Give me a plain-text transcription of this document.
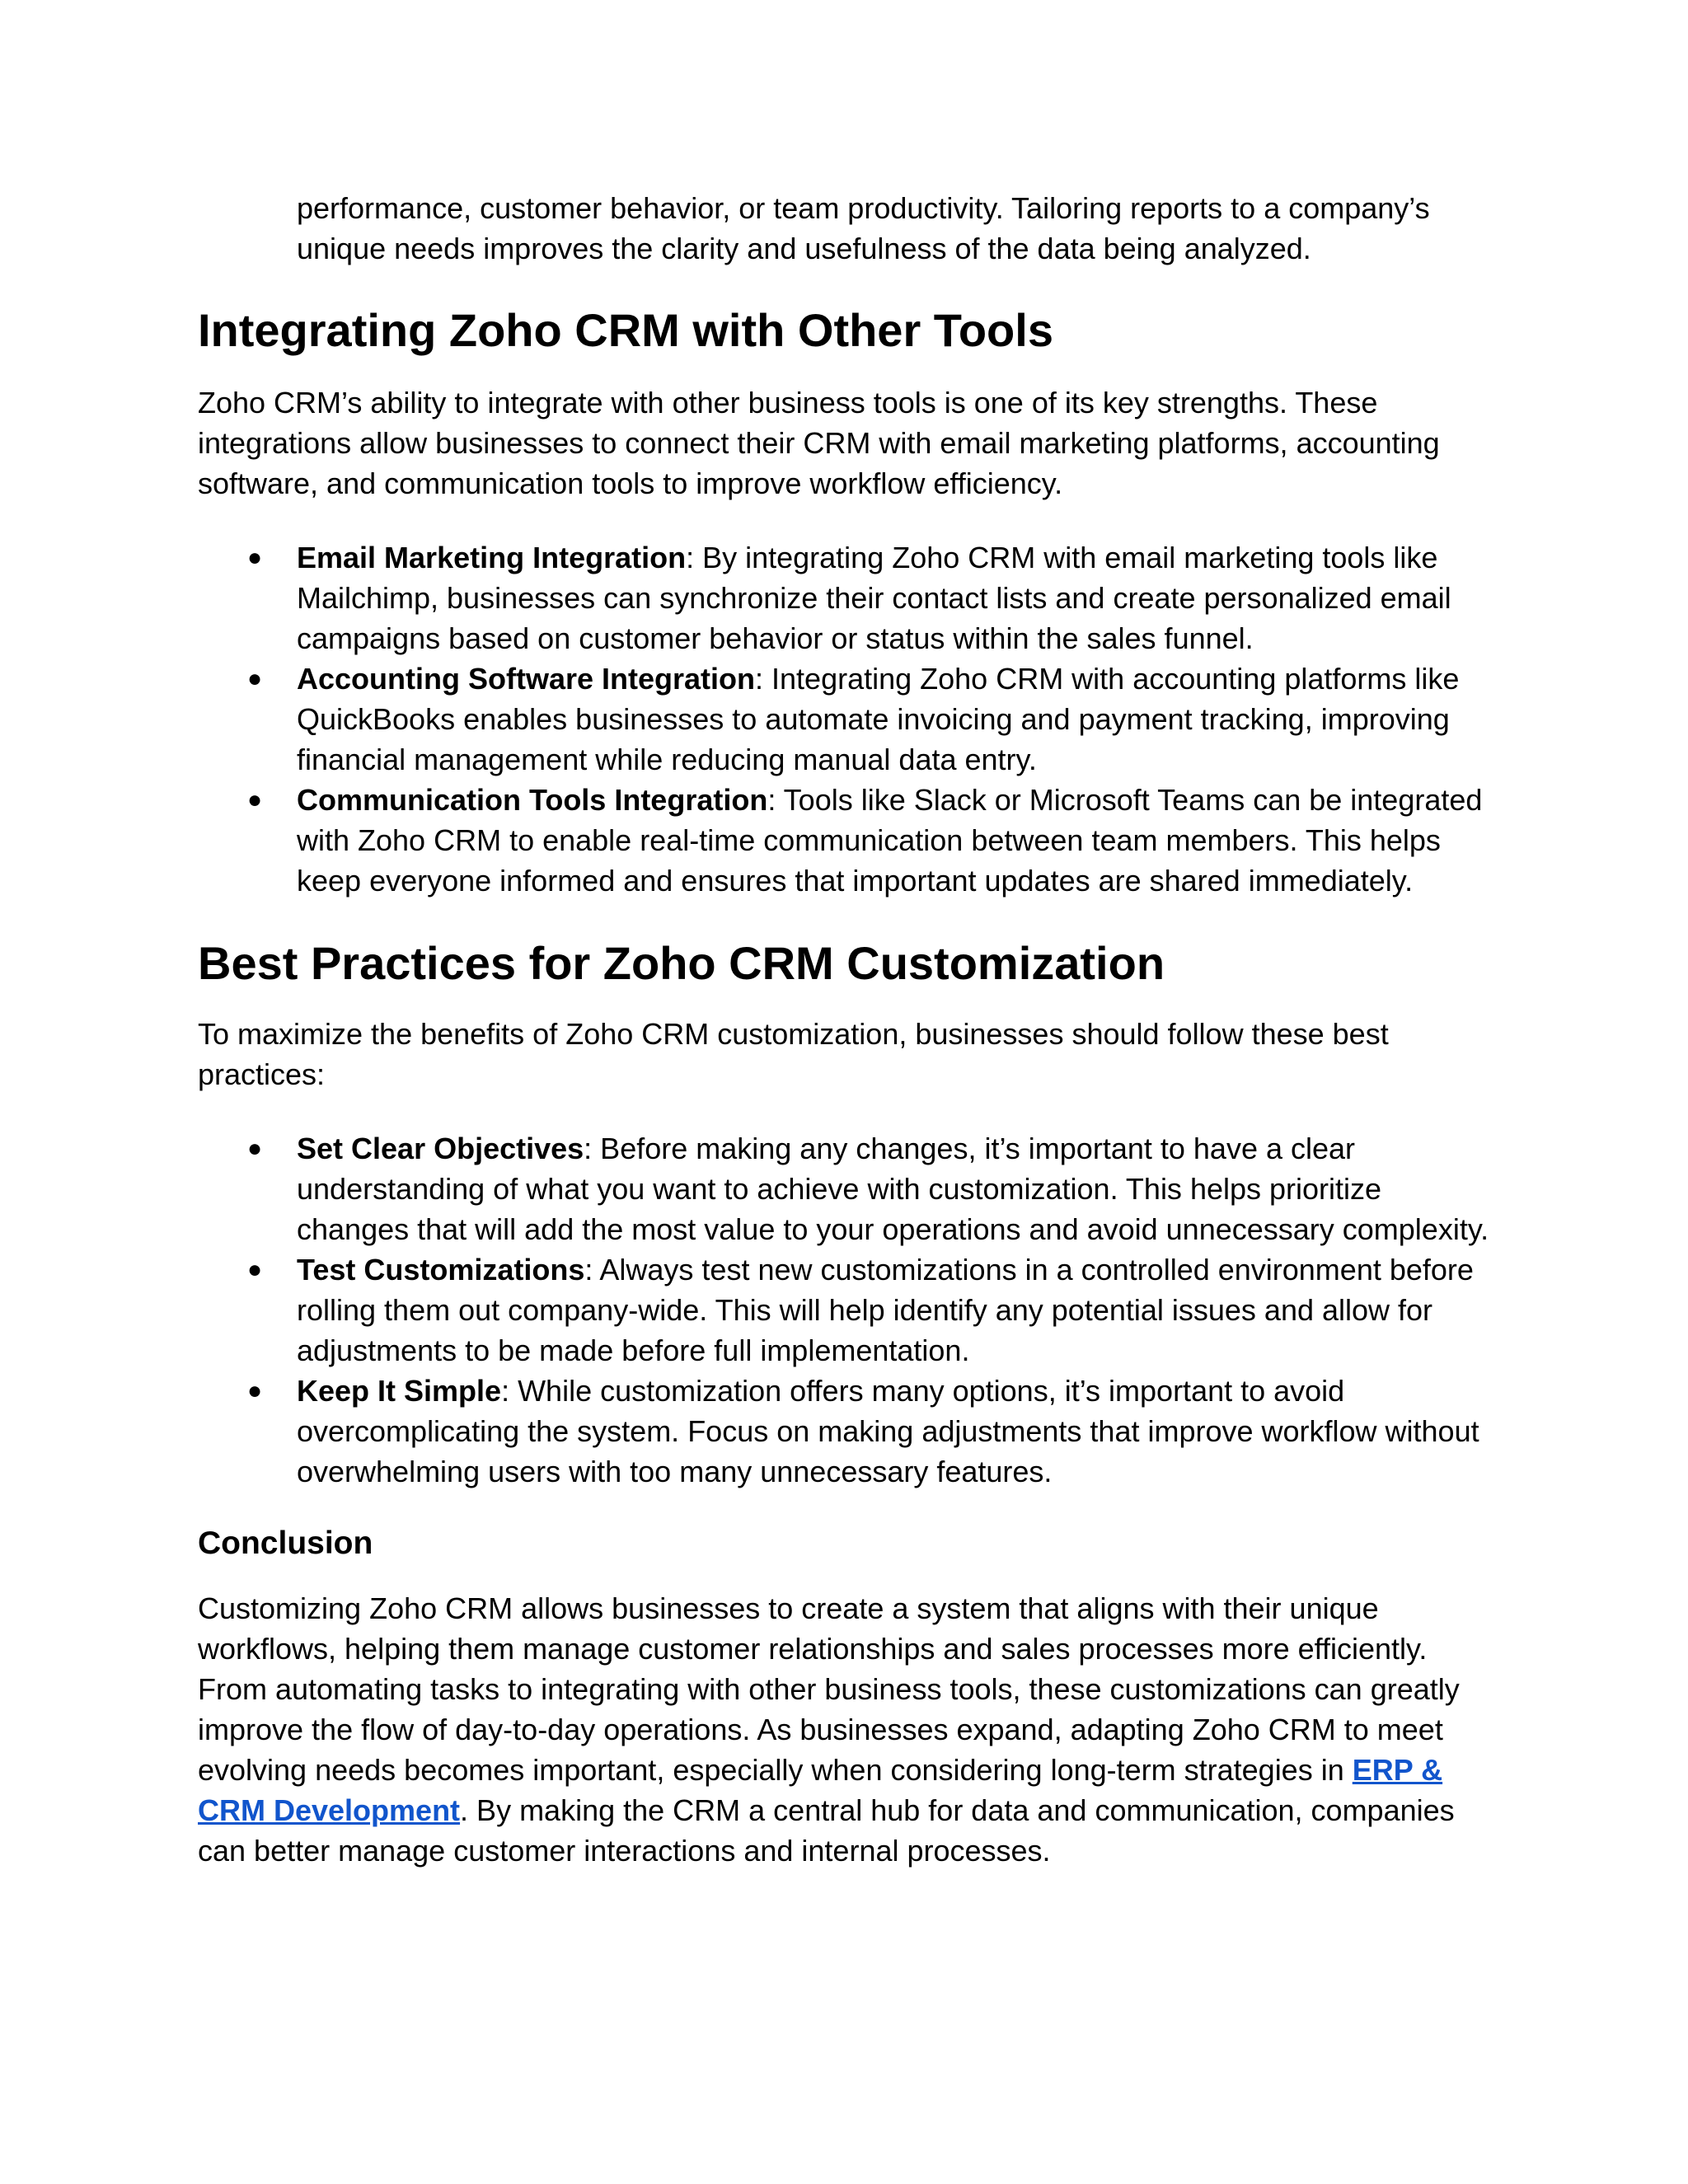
performance, customer behavior, or team productivity. Tailoring reports to a company’s unique needs improves the clarity and usefulness of the data being analyzed.

Integrating Zoho CRM with Other Tools

Zoho CRM’s ability to integrate with other business tools is one of its key strengths. These integrations allow businesses to connect their CRM with email marketing platforms, accounting software, and communication tools to improve workflow efficiency.

●	Email Marketing Integration: By integrating Zoho CRM with email marketing tools like Mailchimp, businesses can synchronize their contact lists and create personalized email campaigns based on customer behavior or status within the sales funnel.
●	Accounting Software Integration: Integrating Zoho CRM with accounting platforms like QuickBooks enables businesses to automate invoicing and payment tracking, improving financial management while reducing manual data entry.
●	Communication Tools Integration: Tools like Slack or Microsoft Teams can be integrated with Zoho CRM to enable real-time communication between team members. This helps keep everyone informed and ensures that important updates are shared immediately.
Best Practices for Zoho CRM Customization

To maximize the benefits of Zoho CRM customization, businesses should follow these best practices:

●	Set Clear Objectives: Before making any changes, it’s important to have a clear understanding of what you want to achieve with customization. This helps prioritize changes that will add the most value to your operations and avoid unnecessary complexity.
●	Test Customizations: Always test new customizations in a controlled environment before rolling them out company-wide. This will help identify any potential issues and allow for adjustments to be made before full implementation.
●	Keep It Simple: While customization offers many options, it’s important to avoid overcomplicating the system. Focus on making adjustments that improve workflow without overwhelming users with too many unnecessary features.
Conclusion

Customizing Zoho CRM allows businesses to create a system that aligns with their unique workflows, helping them manage customer relationships and sales processes more efficiently. From automating tasks to integrating with other business tools, these customizations can greatly improve the flow of day-to-day operations. As businesses expand, adapting Zoho CRM to meet evolving needs becomes important, especially when considering long-term strategies in ERP & CRM Development. By making the CRM a central hub for data and communication, companies can better manage customer interactions and internal processes.
